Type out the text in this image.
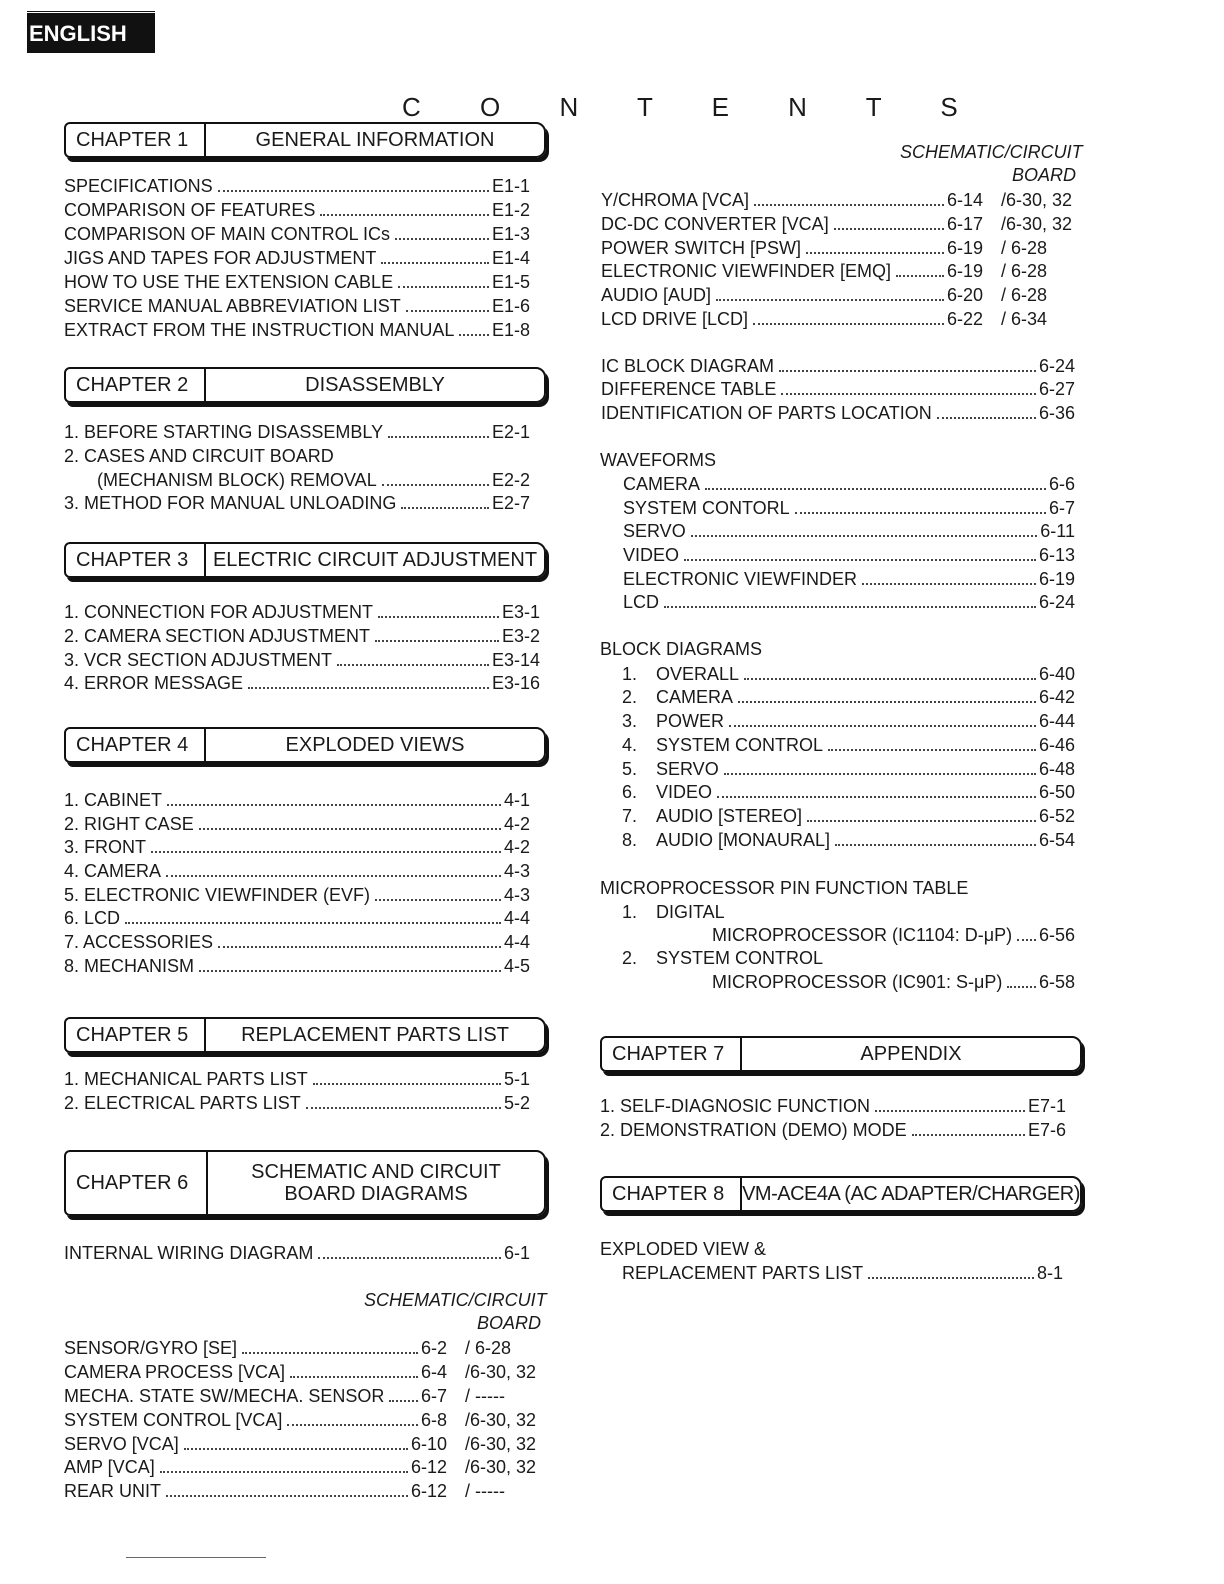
ENGLISH
C O N T E N T S
CHAPTER 1	GENERAL INFORMATION
SPECIFICATIONS	E1-1
COMPARISON OF FEATURES	E1-2
COMPARISON OF MAIN CONTROL ICs	E1-3
JIGS AND TAPES FOR ADJUSTMENT	E1-4
HOW TO USE THE EXTENSION CABLE	E1-5
SERVICE MANUAL ABBREVIATION LIST	E1-6
EXTRACT FROM THE INSTRUCTION MANUAL E1-8
CHAPTER 2	DISASSEMBLY
1. BEFORE STARTING DISASSEMBLY	E2-1
2. CASES AND CIRCUIT BOARD
(MECHANISM BLOCK) REMOVAL	E2-2
3. METHOD FOR MANUAL UNLOADING	E2-7
CHAPTER 3	ELECTRIC CIRCUIT ADJUSTMENT
1. CONNECTION FOR ADJUSTMENT	E3-1
2. CAMERA SECTION ADJUSTMENT	E3-2
3. VCR SECTION ADJUSTMENT	E3-14
4. ERROR MESSAGE	E3-16
CHAPTER 4	EXPLODED VIEWS
1. CABINET	4-1
2. RIGHT CASE	4-2
3. FRONT	4-2
4. CAMERA	4-3
5. ELECTRONIC VIEWFINDER (EVF)	4-3
6. LCD	4-4
7. ACCESSORIES	4-4
8. MECHANISM	4-5
CHAPTER 5	REPLACEMENT PARTS LIST
1. MECHANICAL PARTS LIST	5-1
2. ELECTRICAL PARTS LIST	5-2
CHAPTER 6	SCHEMATIC AND CIRCUIT
BOARD DIAGRAMS
INTERNAL WIRING DIAGRAM	6-1
SCHEMATIC/CIRCUIT
BOARD
SENSOR/GYRO [SE]	6-2 / 6-28
CAMERA PROCESS [VCA]	6-4 /6-30, 32
MECHA. STATE SW/MECHA. SENSOR 6-7 / -----
SYSTEM CONTROL [VCA]	6-8 /6-30, 32
SERVO [VCA]	6-10 /6-30, 32
AMP [VCA]	6-12 /6-30, 32
REAR UNIT	6-12 / -----
SCHEMATIC/CIRCUIT
BOARD
Y/CHROMA [VCA]	6-14 /6-30, 32
DC-DC CONVERTER [VCA]	6-17 /6-30, 32
POWER SWITCH [PSW]	6-19 / 6-28
ELECTRONIC VIEWFINDER [EMQ]	6-19 / 6-28
AUDIO [AUD]	6-20 / 6-28
LCD DRIVE [LCD]	6-22 / 6-34
IC BLOCK DIAGRAM	6-24
DIFFERENCE TABLE	6-27
IDENTIFICATION OF PARTS LOCATION	6-36
WAVEFORMS
CAMERA	6-6
SYSTEM CONTORL	6-7
SERVO	6-11
VIDEO	6-13
ELECTRONIC VIEWFINDER	6-19
LCD	6-24
BLOCK DIAGRAMS
1. OVERALL	6-40
2. CAMERA	6-42
3. POWER	6-44
4. SYSTEM CONTROL	6-46
5. SERVO	6-48
6. VIDEO	6-50
7. AUDIO [STEREO]	6-52
8. AUDIO [MONAURAL]	6-54
MICROPROCESSOR PIN FUNCTION TABLE
1. DIGITAL
MICROPROCESSOR (IC1104: D-μP) 6-56
2. SYSTEM CONTROL
MICROPROCESSOR (IC901: S-μP) 6-58
CHAPTER 7	APPENDIX
1. SELF-DIAGNOSIC FUNCTION	E7-1
2. DEMONSTRATION (DEMO) MODE	E7-6
CHAPTER 8 VM-ACE4A (AC ADAPTER/CHARGER)
EXPLODED VIEW &
REPLACEMENT PARTS LIST	8-1
